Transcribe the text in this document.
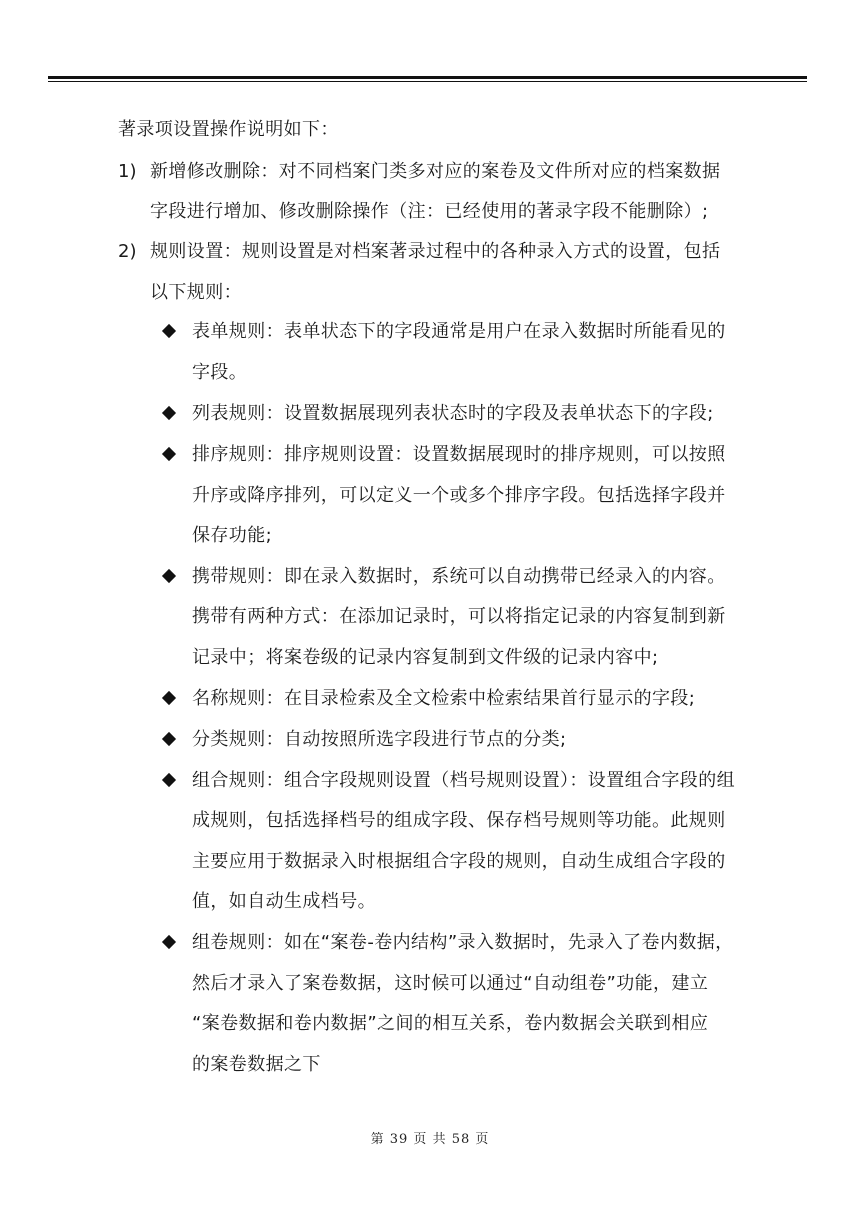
著录项设置操作说明如下：
1) 新增修改删除：对不同档案门类多对应的案卷及文件所对应的档案数据
字段进行增加、修改删除操作（注：已经使用的著录字段不能删除）;
2) 规则设置：规则设置是对档案著录过程中的各种录入方式的设置，包括
以下规则：
表单规则：表单状态下的字段通常是用户在录入数据时所能看见的
字段。
列表规则：设置数据展现列表状态时的字段及表单状态下的字段;
排序规则：排序规则设置：设置数据展现时的排序规则，可以按照
升序或降序排列，可以定义一个或多个排序字段。包括选择字段并
保存功能;
携带规则：即在录入数据时，系统可以自动携带已经录入的内容。
携带有两种方式：在添加记录时，可以将指定记录的内容复制到新
记录中；将案卷级的记录内容复制到文件级的记录内容中;
名称规则：在目录检索及全文检索中检索结果首行显示的字段;
分类规则：自动按照所选字段进行节点的分类;
组合规则：组合字段规则设置（档号规则设置）：设置组合字段的组
成规则，包括选择档号的组成字段、保存档号规则等功能。此规则
主要应用于数据录入时根据组合字段的规则，自动生成组合字段的
值，如自动生成档号。
组卷规则：如在“案卷-卷内结构”录入数据时，先录入了卷内数据，
然后才录入了案卷数据，这时候可以通过“自动组卷”功能，建立
“案卷数据和卷内数据”之间的相互关系，卷内数据会关联到相应
的案卷数据之下
第 39 页 共 58 页
